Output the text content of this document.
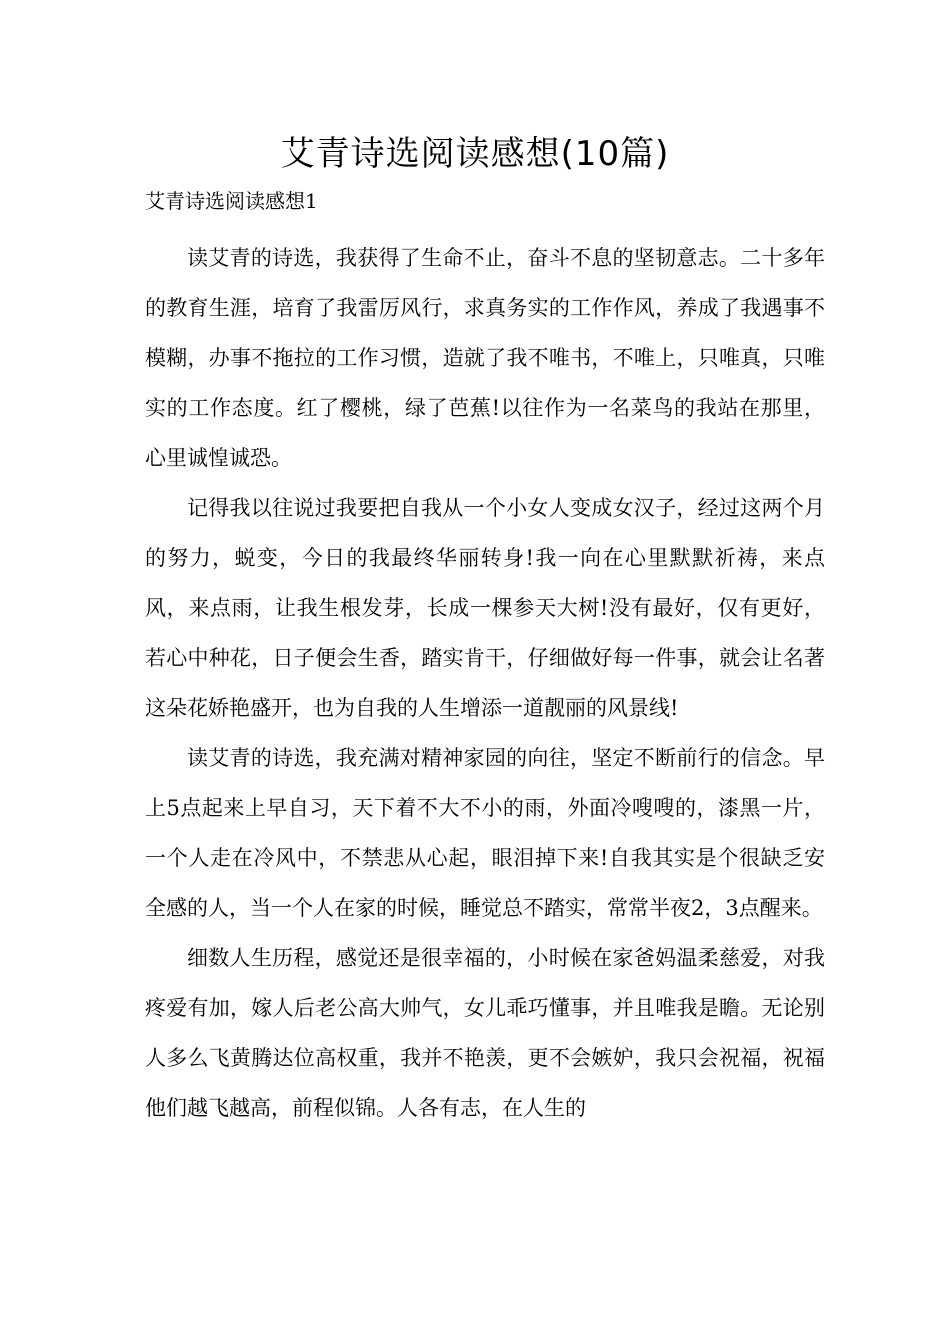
艾青诗选阅读感想(10篇)
艾青诗选阅读感想1

读艾青的诗选，我获得了生命不止，奋斗不息的坚韧意志。二十多年的教育生涯，培育了我雷厉风行，求真务实的工作作风，养成了我遇事不模糊，办事不拖拉的工作习惯，造就了我不唯书，不唯上，只唯真，只唯实的工作态度。红了樱桃，绿了芭蕉!以往作为一名菜鸟的我站在那里，心里诚惶诚恐。

记得我以往说过我要把自我从一个小女人变成女汉子，经过这两个月的努力，蜕变，今日的我最终华丽转身!我一向在心里默默祈祷，来点风，来点雨，让我生根发芽，长成一棵参天大树!没有最好，仅有更好，若心中种花，日子便会生香，踏实肯干，仔细做好每一件事，就会让名著这朵花娇艳盛开，也为自我的人生增添一道靓丽的风景线!

读艾青的诗选，我充满对精神家园的向往，坚定不断前行的信念。早上5点起来上早自习，天下着不大不小的雨，外面冷嗖嗖的，漆黑一片，一个人走在冷风中，不禁悲从心起，眼泪掉下来!自我其实是个很缺乏安全感的人，当一个人在家的时候，睡觉总不踏实，常常半夜2，3点醒来。

细数人生历程，感觉还是很幸福的，小时候在家爸妈温柔慈爱，对我疼爱有加，嫁人后老公高大帅气，女儿乖巧懂事，并且唯我是瞻。无论别人多么飞黄腾达位高权重，我并不艳羡，更不会嫉妒，我只会祝福，祝福他们越飞越高，前程似锦。人各有志，在人生的
